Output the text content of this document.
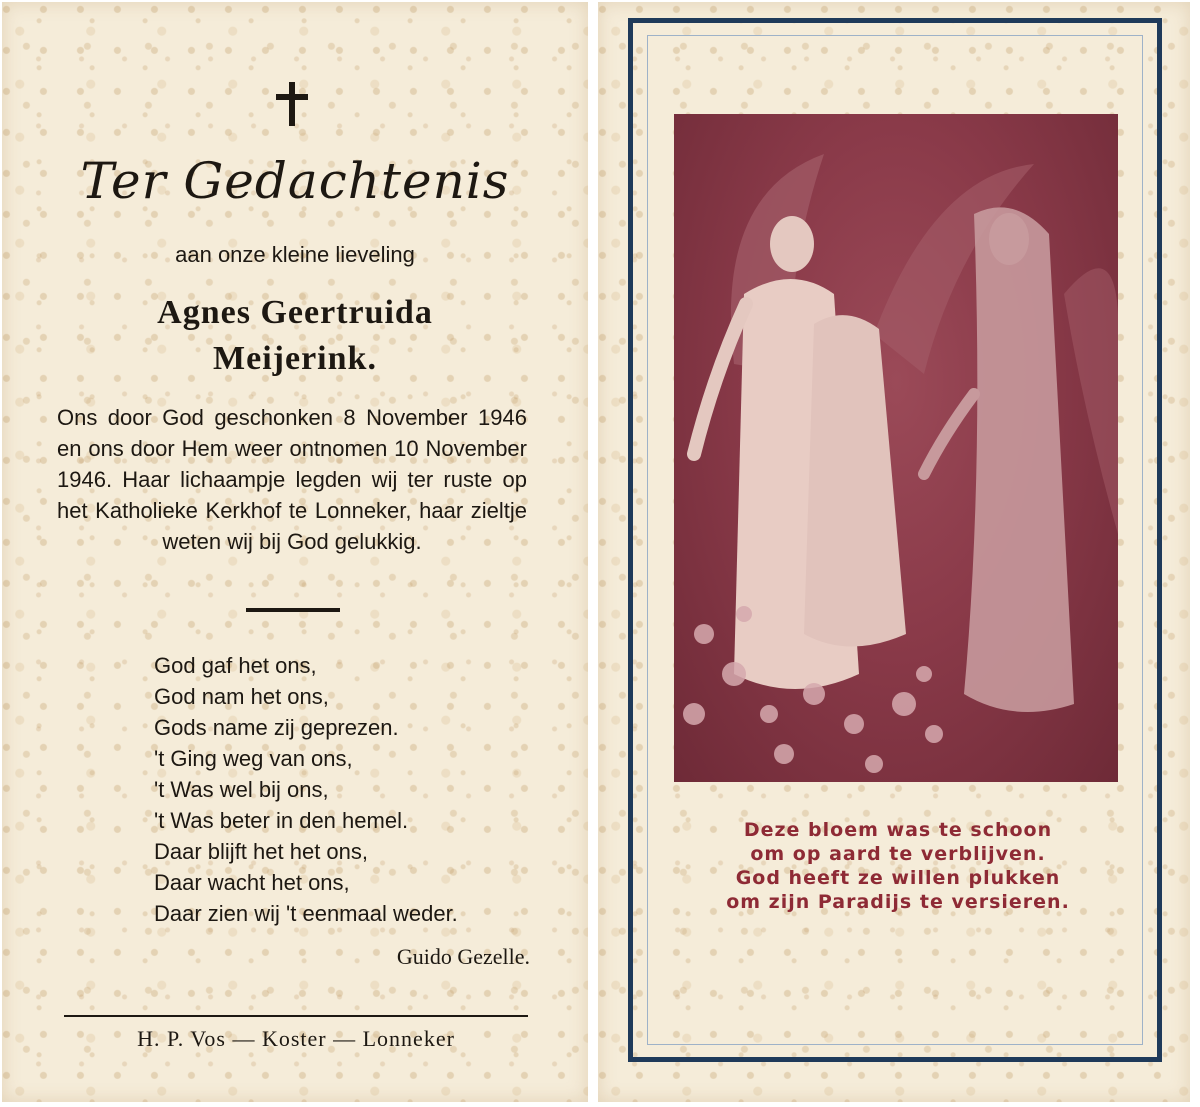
Ter Gedachtenis
aan onze kleine lieveling
Agnes Geertruida
Meijerink.
Ons door God geschonken 8 November 1946 en ons door Hem weer ontnomen 10 November 1946. Haar lichaampje legden wij ter ruste op het Katholieke Kerkhof te Lonneker, haar zieltje weten wij bij God gelukkig.
God gaf het ons,
God nam het ons,
Gods name zij geprezen.
't Ging weg van ons,
't Was wel bij ons,
't Was beter in den hemel.
Daar blijft het het ons,
Daar wacht het ons,
Daar zien wij 't eenmaal weder.
Guido Gezelle.
H. P. Vos — Koster — Lonneker
Deze bloem was te schoon
om op aard te verblijven.
God heeft ze willen plukken
om zijn Paradijs te versieren.
